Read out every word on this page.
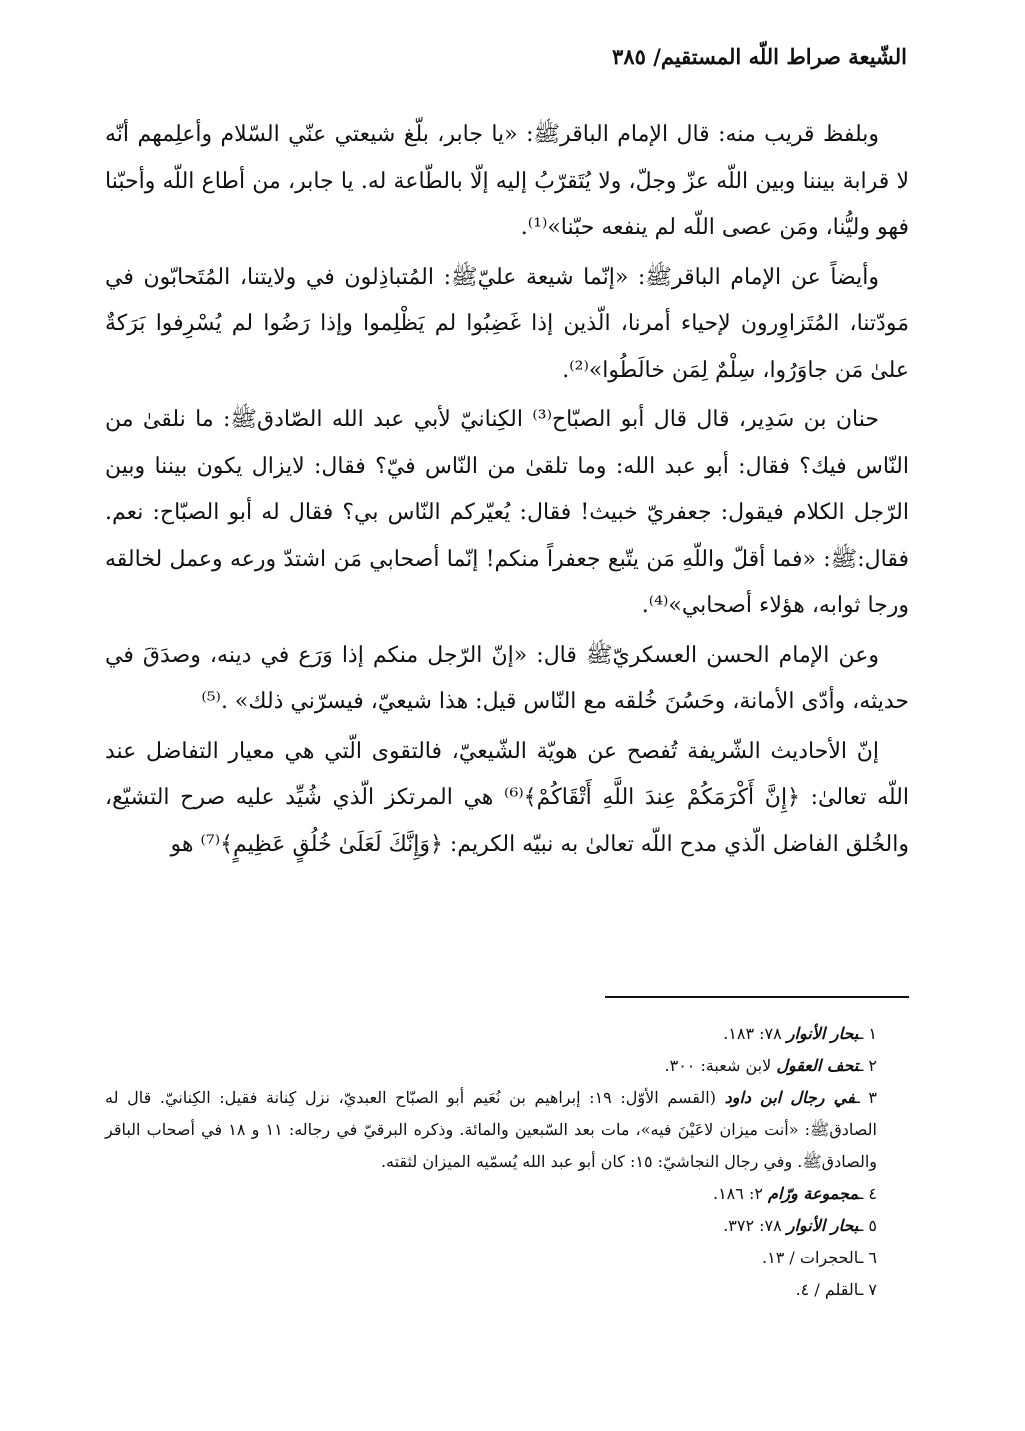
الشّيعة صراط اللّه المستقيم/ ٣٨٥

وبلفظ قريب منه: قال الإمام الباقرﷺ: «يا جابر، بلّغ شيعتي عنّي السّلام وأعلِمهم أنّه لا قرابة بيننا وبين اللّه عزّ وجلّ، ولا يُتَقرّبُ إليه إلّا بالطّاعة له. يا جابر، من أطاع اللّه وأحبّنا فهو وليُّنا، ومَن عصى اللّه لم ينفعه حبّنا»⁽¹⁾.

وأيضاً عن الإمام الباقرﷺ: «إنّما شيعة عليّﷺ: المُتباذِلون في ولايتنا، المُتَحابّون في مَودّتنا، المُتَزاوِرون لإحياء أمرنا، الّذين إذا غَضِبُوا لم يَظْلِموا وإذا رَضُوا لم يُسْرِفوا بَرَكةٌ علىٰ مَن جاوَرُوا، سِلْمٌ لِمَن خالَطُوا»⁽²⁾.

حنان بن سَدِير، قال قال أبو الصبّاح⁽³⁾ الكِنانيّ لأبي عبد الله الصّادقﷺ: ما نلقىٰ من النّاس فيك؟ فقال: أبو عبد الله: وما تلقىٰ من النّاس فيّ؟ فقال: لايزال يكون بيننا وبين الرّجل الكلام فيقول: جعفريّ خبيث! فقال: يُعيّركم النّاس بي؟ فقال له أبو الصبّاح: نعم. فقال:ﷺ: «فما أقلّ واللّهِ مَن يتّبع جعفراً منكم! إنّما أصحابي مَن اشتدّ ورعه وعمل لخالقه ورجا ثوابه، هؤلاء أصحابي»⁽⁴⁾.

وعن الإمام الحسن العسكريّﷺ قال: «إنّ الرّجل منكم إذا وَرَع في دينه، وصدَقَ في حديثه، وأدّى الأمانة، وحَسُنَ خُلقه مع النّاس قيل: هذا شيعيّ، فيسرّني ذلك» .⁽⁵⁾

إنّ الأحاديث الشّريفة تُفصح عن هويّة الشّيعيّ، فالتقوى الّتي هي معيار التفاضل عند اللّه تعالىٰ: ﴿إِنَّ أَكْرَمَكُمْ عِندَ اللَّهِ أَتْقَاكُمْ﴾⁽⁶⁾ هي المرتكز الّذي شُيِّد عليه صرح التشيّع، والخُلق الفاضل الّذي مدح اللّه تعالىٰ به نبيّه الكريم: ﴿وَإِنَّكَ لَعَلَىٰ خُلُقٍ عَظِيمٍ﴾⁽⁷⁾ هو

١ ـبحار الأنوار ٧٨: ١٨٣.

٢ ـتحف العقول لابن شعبة: ٣٠٠.

٣ ـفي رجال ابن داود (القسم الأوّل: ١٩: إبراهيم بن نُعَيم أبو الصبّاح العبديّ، نزل كِنانة فقيل: الكِنانيّ. قال له الصادقﷺ: «أنت ميزان لاعَيْنَ فيه»، مات بعد السّبعين والمائة. وذكره البرقيّ في رجاله: ١١ و ١٨ في أصحاب الباقر والصادقﷺ. وفي رجال النجاشيّ: ١٥: كان أبو عبد الله يُسمّيه الميزان لثقته.

٤ ـمجموعة ورّام ٢: ١٨٦.

٥ ـبحار الأنوار ٧٨: ٣٧٢.

٦ ـالحجرات / ١٣.

٧ ـالقلم / ٤.
